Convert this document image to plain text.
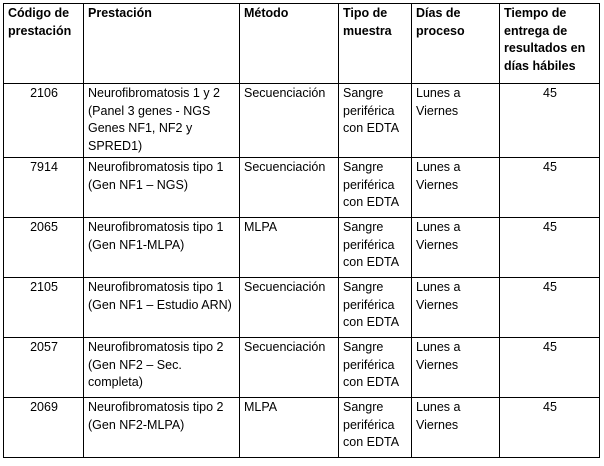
Código de prestación	Prestación	Método	Tipo de muestra	Días de proceso	Tiempo de entrega de resultados en días hábiles
2106	Neurofibromatosis 1 y 2 (Panel 3 genes - NGS Genes NF1, NF2 y SPRED1)	Secuenciación	Sangre periférica con EDTA	Lunes a Viernes	45
7914	Neurofibromatosis tipo 1 (Gen NF1 – NGS)	Secuenciación	Sangre periférica con EDTA	Lunes a Viernes	45
2065	Neurofibromatosis tipo 1 (Gen NF1-MLPA)	MLPA	Sangre periférica con EDTA	Lunes a Viernes	45
2105	Neurofibromatosis tipo 1 (Gen NF1 – Estudio ARN)	Secuenciación	Sangre periférica con EDTA	Lunes a Viernes	45
2057	Neurofibromatosis tipo 2 (Gen NF2 – Sec. completa)	Secuenciación	Sangre periférica con EDTA	Lunes a Viernes	45
2069	Neurofibromatosis tipo 2 (Gen NF2-MLPA)	MLPA	Sangre periférica con EDTA	Lunes a Viernes	45
